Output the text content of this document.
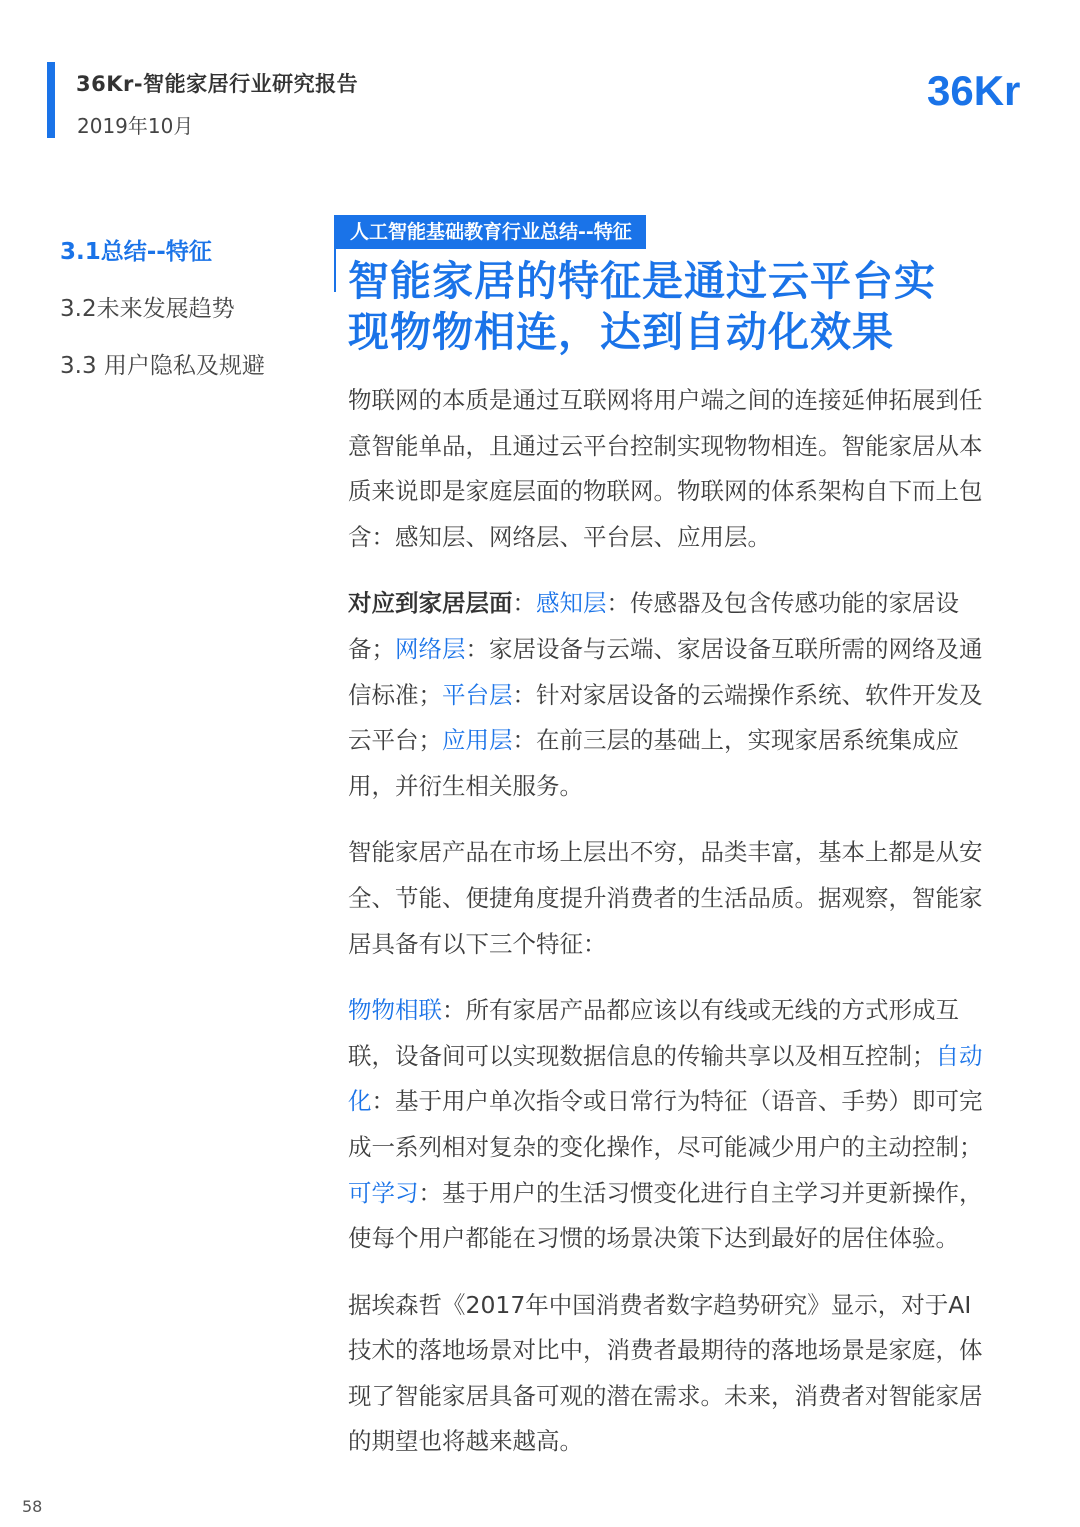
36Kr-智能家居行业研究报告
2019年10月
36Kr
3.1总结--特征
3.2未来发展趋势
3.3 用户隐私及规避
人工智能基础教育行业总结--特征
智能家居的特征是通过云平台实
现物物相连，达到自动化效果

物联网的本质是通过互联网将用户端之间的连接延伸拓展到任意智能单品，且通过云平台控制实现物物相连。智能家居从本质来说即是家庭层面的物联网。物联网的体系架构自下而上包含：感知层、网络层、平台层、应用层。

对应到家居层面：感知层：传感器及包含传感功能的家居设备；网络层：家居设备与云端、家居设备互联所需的网络及通信标准；平台层：针对家居设备的云端操作系统、软件开发及云平台；应用层：在前三层的基础上，实现家居系统集成应用，并衍生相关服务。

智能家居产品在市场上层出不穷，品类丰富，基本上都是从安全、节能、便捷角度提升消费者的生活品质。据观察，智能家居具备有以下三个特征：

物物相联：所有家居产品都应该以有线或无线的方式形成互联，设备间可以实现数据信息的传输共享以及相互控制；自动化：基于用户单次指令或日常行为特征（语音、手势）即可完成一系列相对复杂的变化操作，尽可能减少用户的主动控制；可学习：基于用户的生活习惯变化进行自主学习并更新操作，使每个用户都能在习惯的场景决策下达到最好的居住体验。

据埃森哲《2017年中国消费者数字趋势研究》显示，对于AI技术的落地场景对比中，消费者最期待的落地场景是家庭，体现了智能家居具备可观的潜在需求。未来，消费者对智能家居的期望也将越来越高。

58
